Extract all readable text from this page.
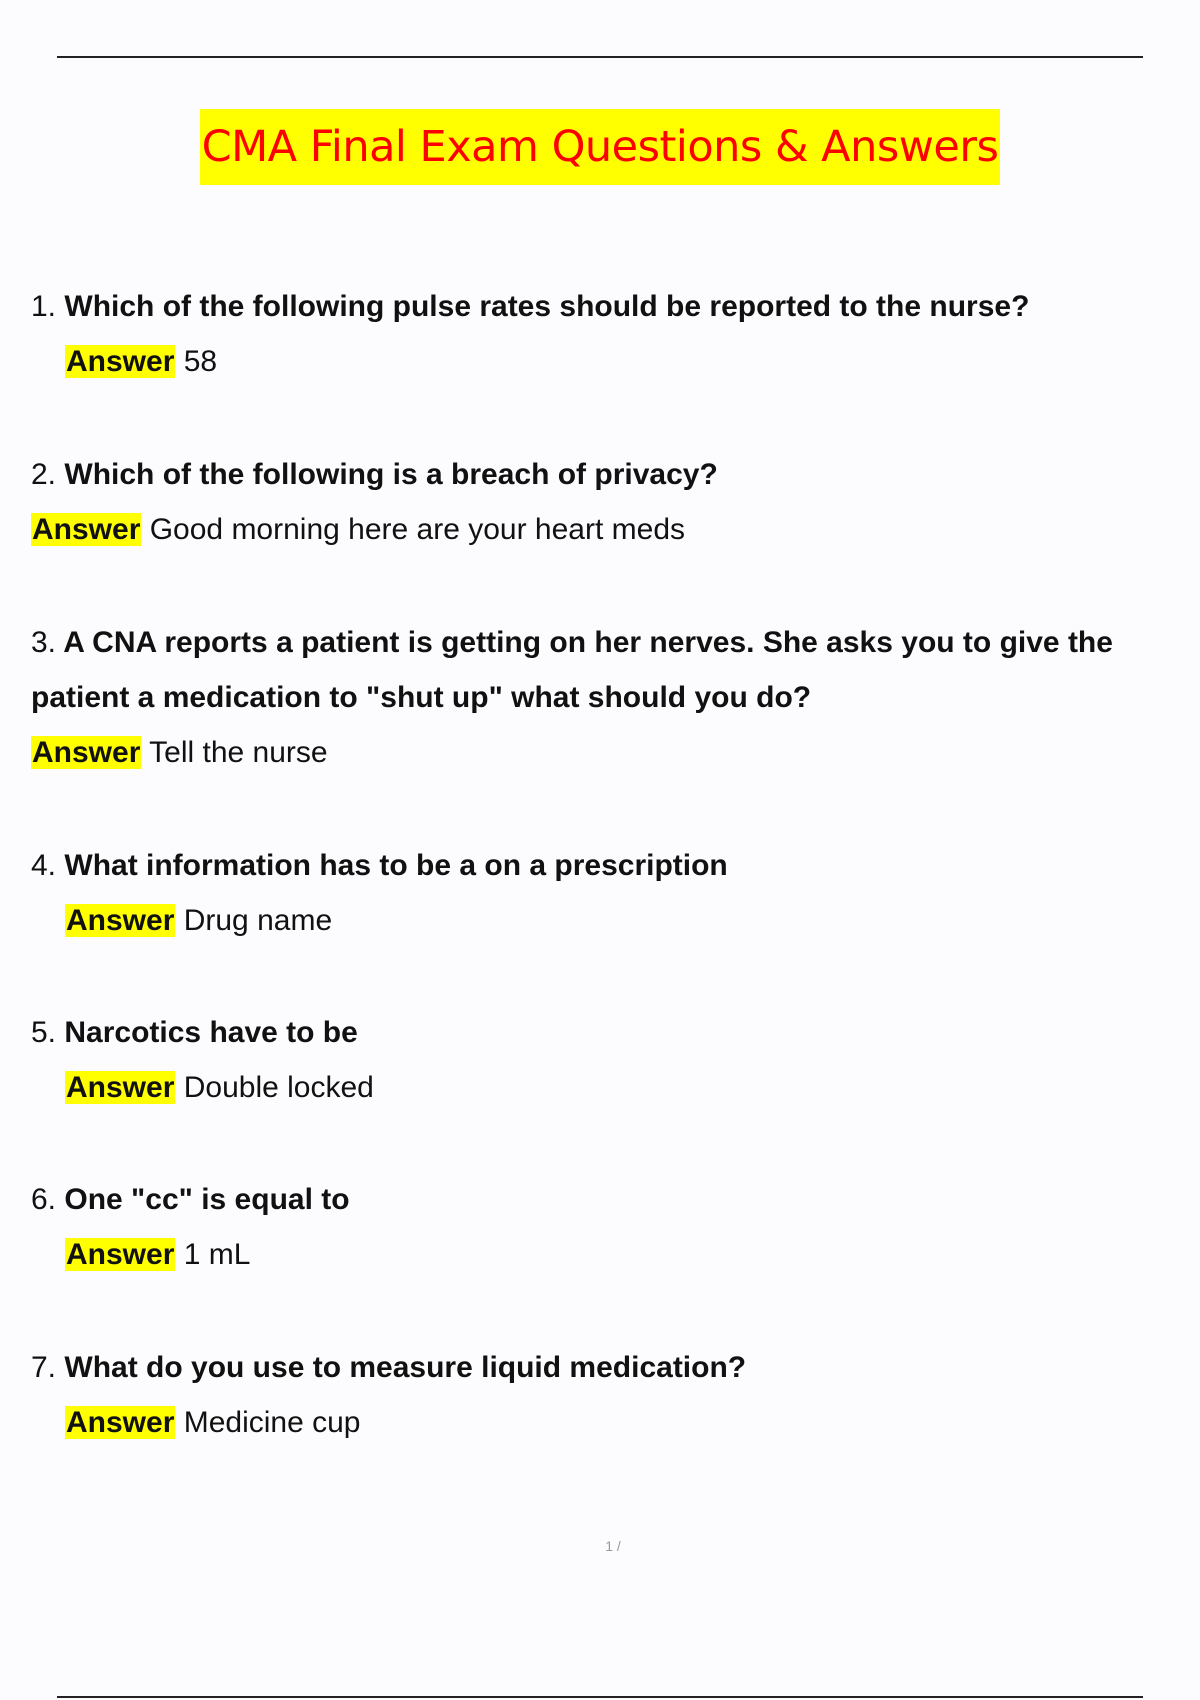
CMA Final Exam Questions & Answers
1. Which of the following pulse rates should be reported to the nurse?
Answer 58
2. Which of the following is a breach of privacy?
Answer Good morning here are your heart meds
3. A CNA reports a patient is getting on her nerves. She asks you to give the patient a medication to "shut up" what should you do?
Answer Tell the nurse
4. What information has to be a on a prescription
Answer Drug name
5. Narcotics have to be
Answer Double locked
6. One "cc" is equal to
Answer 1 mL
7. What do you use to measure liquid medication?
Answer Medicine cup
1 /
